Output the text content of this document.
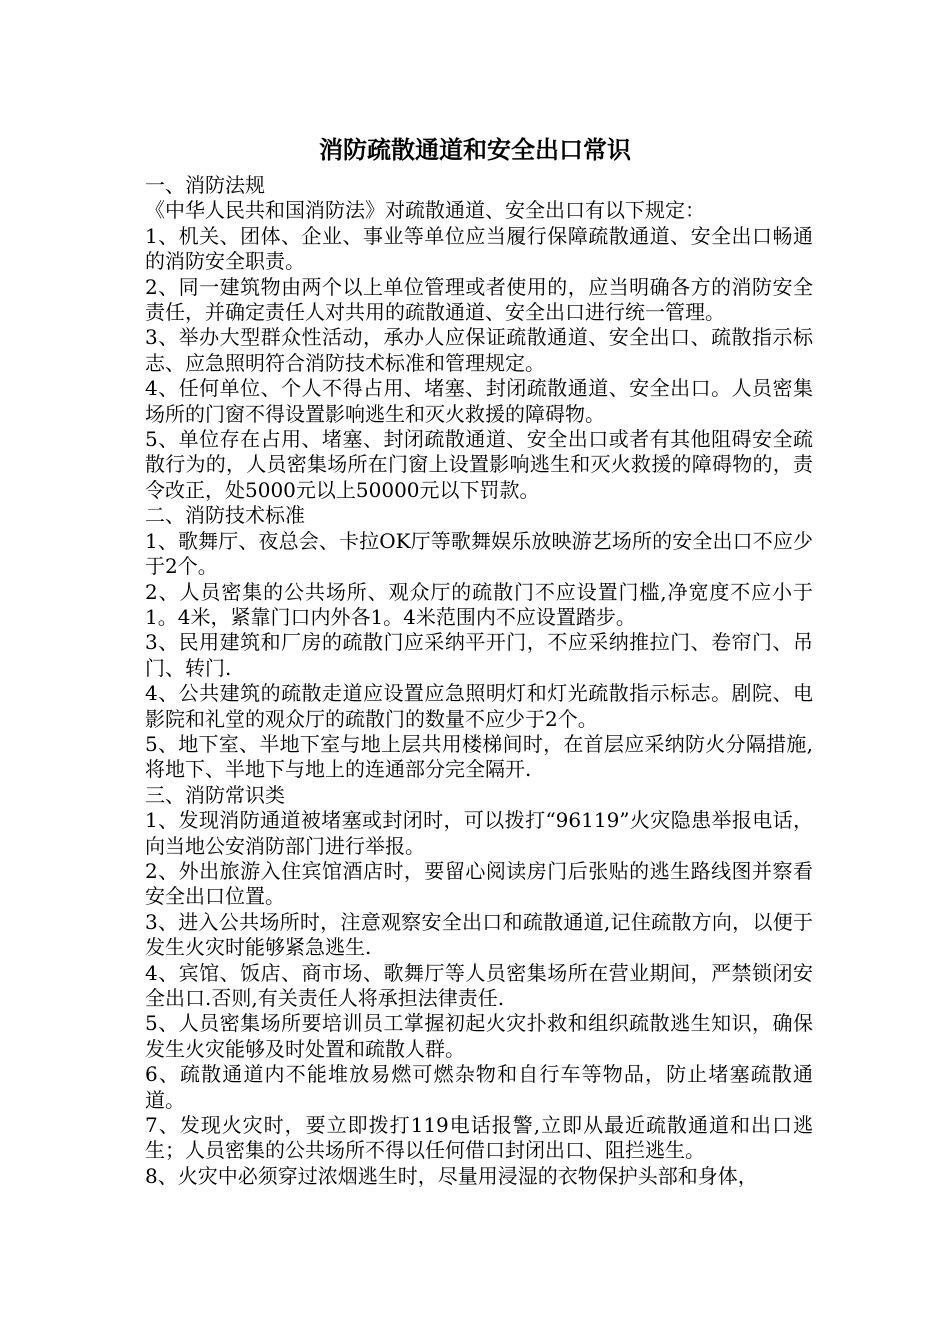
消防疏散通道和安全出口常识

一、消防法规

《中华人民共和国消防法》对疏散通道、安全出口有以下规定：

1、机关、团体、企业、事业等单位应当履行保障疏散通道、安全出口畅通的消防安全职责。

2、同一建筑物由两个以上单位管理或者使用的，应当明确各方的消防安全责任，并确定责任人对共用的疏散通道、安全出口进行统一管理。

3、举办大型群众性活动，承办人应保证疏散通道、安全出口、疏散指示标志、应急照明符合消防技术标准和管理规定。

4、任何单位、个人不得占用、堵塞、封闭疏散通道、安全出口。人员密集场所的门窗不得设置影响逃生和灭火救援的障碍物。

5、单位存在占用、堵塞、封闭疏散通道、安全出口或者有其他阻碍安全疏散行为的，人员密集场所在门窗上设置影响逃生和灭火救援的障碍物的，责令改正，处5000元以上50000元以下罚款。

二、消防技术标准

1、歌舞厅、夜总会、卡拉OK厅等歌舞娱乐放映游艺场所的安全出口不应少于2个。

2、人员密集的公共场所、观众厅的疏散门不应设置门槛,净宽度不应小于1。4米，紧靠门口内外各1。4米范围内不应设置踏步。

3、民用建筑和厂房的疏散门应采纳平开门，不应采纳推拉门、卷帘门、吊门、转门.

4、公共建筑的疏散走道应设置应急照明灯和灯光疏散指示标志。剧院、电影院和礼堂的观众厅的疏散门的数量不应少于2个。

5、地下室、半地下室与地上层共用楼梯间时，在首层应采纳防火分隔措施,将地下、半地下与地上的连通部分完全隔开.

三、消防常识类

1、发现消防通道被堵塞或封闭时，可以拨打“96119”火灾隐患举报电话，向当地公安消防部门进行举报。

2、外出旅游入住宾馆酒店时，要留心阅读房门后张贴的逃生路线图并察看安全出口位置。

3、进入公共场所时，注意观察安全出口和疏散通道,记住疏散方向，以便于发生火灾时能够紧急逃生.

4、宾馆、饭店、商市场、歌舞厅等人员密集场所在营业期间，严禁锁闭安全出口.否则,有关责任人将承担法律责任.

5、人员密集场所要培训员工掌握初起火灾扑救和组织疏散逃生知识，确保发生火灾能够及时处置和疏散人群。

6、疏散通道内不能堆放易燃可燃杂物和自行车等物品，防止堵塞疏散通道。

7、发现火灾时，要立即拨打119电话报警,立即从最近疏散通道和出口逃生；人员密集的公共场所不得以任何借口封闭出口、阻拦逃生。

8、火灾中必须穿过浓烟逃生时，尽量用浸湿的衣物保护头部和身体，
